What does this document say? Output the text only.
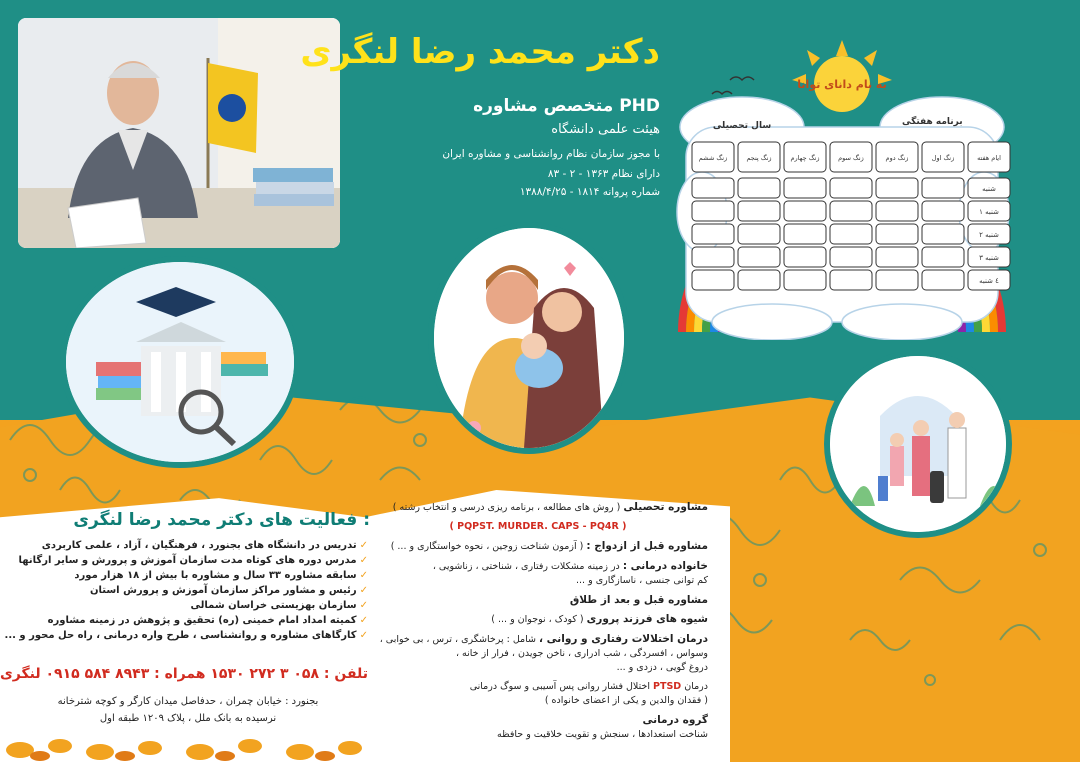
دکتر محمد رضا لنگری
متخصص مشاوره PHD
هیئت علمی دانشگاه
با مجوز سازمان نظام روانشناسی و مشاوره ایران
دارای نظام ۱۳۶۳ - ۲ - ۸۳
شماره پروانه ۱۸۱۴ - ۱۳۸۸/۴/۲۵
به نام دانای توانا
برنامه هفتگی
سال تحصیلی
ایام هفته
شنبه
۱ شنبه
۲ شنبه
۳ شنبه
٤ شنبه
زنگ اول
زنگ دوم
زنگ سوم
زنگ چهارم
زنگ پنجم
زنگ ششم
فعالیت های دکتر محمد رضا لنگری :
✓تدریس در دانشگاه های بجنورد ، فرهنگیان ، آزاد ، علمی کاربردی
✓مدرس دوره های کوتاه مدت سازمان آموزش و پرورش و سایر ارگانها
✓سابقه مشاوره ۳۳ سال و مشاوره با بیش از ۱۸ هزار مورد
✓رئیس و مشاور مراکز سازمان آموزش و پرورش استان
✓سازمان بهزیستی خراسان شمالی
✓کمیته امداد امام خمینی (ره) تحقیق و پژوهش در زمینه مشاوره
✓کارگاهای مشاوره و روانشناسی ، طرح واره درمانی ، راه حل محور و ...
تلفن : ۰۵۸ ۳ ۲۷۲ ۱۵۳۰ همراه : ۸۹۴۳ ۵۸۴ ۰۹۱۵ لنگری
بجنورد : خیابان چمران ، حدفاصل میدان کارگر و کوچه شترخانه
نرسیده به بانک ملل ، پلاک ۱۲۰۹ طبقه اول

مشاوره تحصیلی ( روش های مطالعه ، برنامه ریزی درسی و انتخاب رشته )

( PQPST. MURDER. CAPS - PQ4R )

مشاوره قبل از ازدواج : ( آزمون شناخت زوجین ، نحوه خواستگاری و ... )

خانواده درمانی : در زمینه مشکلات رفتاری ، شناختی ، زناشویی ،
کم توانی جنسی ، ناسازگاری و ...

مشاوره قبل و بعد از طلاق

شیوه های فرزند پروری ( کودک ، نوجوان و ... )

درمان اختلالات رفتاری و روانی ، شامل : پرخاشگری ، ترس ، بی خوابی ،
وسواس ، افسردگی ، شب ادراری ، ناخن جویدن ، فرار از خانه ،
دروغ گویی ، دزدی و ...

درمان PTSD اختلال فشار روانی پس آسیبی و سوگ درمانی
( فقدان والدین و یکی از اعضای خانواده )

گروه درمانی
شناخت استعدادها ، سنجش و تقویت خلاقیت و حافظه
